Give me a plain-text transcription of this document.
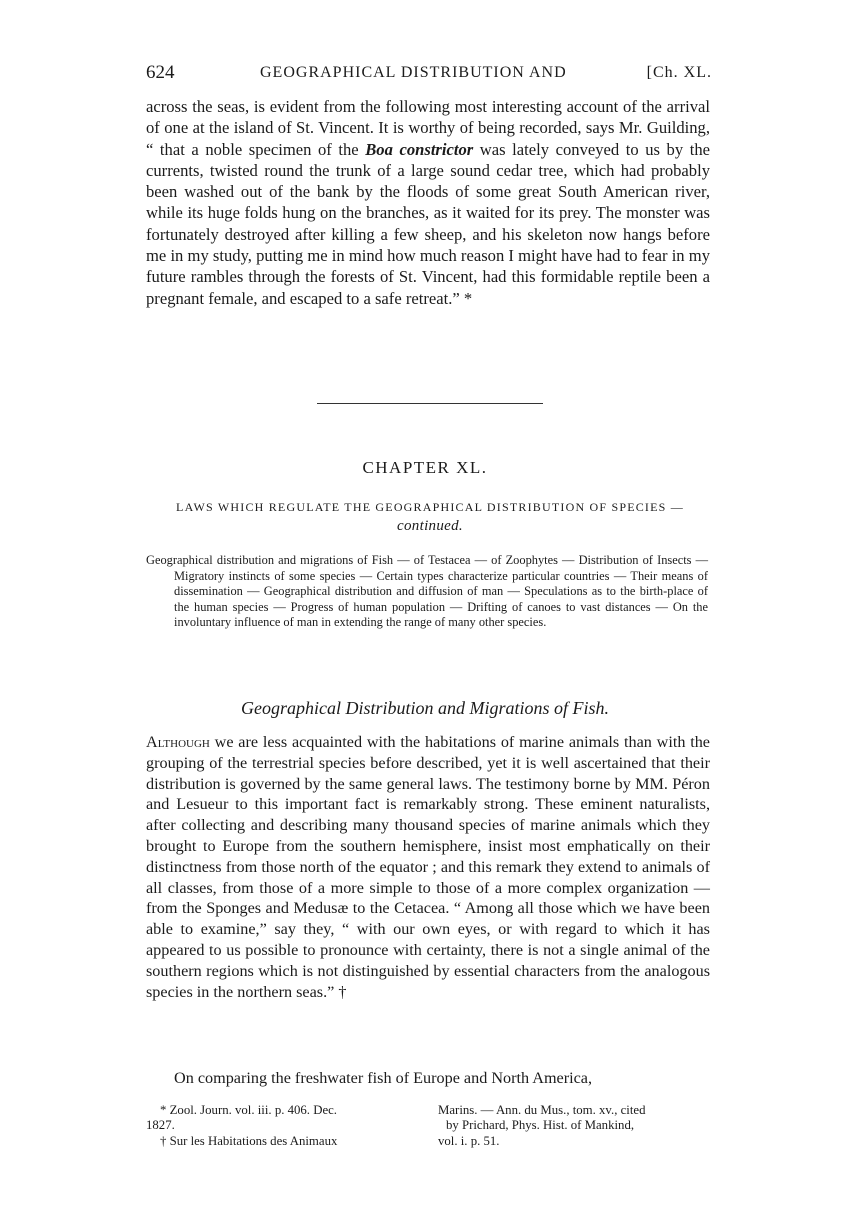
624	GEOGRAPHICAL DISTRIBUTION AND	[Ch. XL.

across the seas, is evident from the following most interesting account of the arrival of one at the island of St. Vincent. It is worthy of being recorded, says Mr. Guilding, “ that a noble specimen of the Boa constrictor was lately conveyed to us by the currents, twisted round the trunk of a large sound cedar tree, which had probably been washed out of the bank by the floods of some great South American river, while its huge folds hung on the branches, as it waited for its prey. The monster was fortunately destroyed after killing a few sheep, and his skeleton now hangs before me in my study, putting me in mind how much reason I might have had to fear in my future rambles through the forests of St. Vincent, had this formidable reptile been a pregnant female, and escaped to a safe retreat.” *

CHAPTER XL.
LAWS WHICH REGULATE THE GEOGRAPHICAL DISTRIBUTION OF SPECIES — continued.

Geographical distribution and migrations of Fish — of Testacea — of Zoophytes — Distribution of Insects — Migratory instincts of some species — Certain types characterize particular countries — Their means of dissemination — Geographical distribution and diffusion of man — Speculations as to the birth-place of the human species — Progress of human population — Drifting of canoes to vast distances — On the involuntary influence of man in extending the range of many other species.

Geographical Distribution and Migrations of Fish.

Although we are less acquainted with the habitations of marine animals than with the grouping of the terrestrial species before described, yet it is well ascertained that their distribution is governed by the same general laws. The testimony borne by MM. Péron and Lesueur to this important fact is remarkably strong. These eminent naturalists, after collecting and describing many thousand species of marine animals which they brought to Europe from the southern hemisphere, insist most emphatically on their distinctness from those north of the equator ; and this remark they extend to animals of all classes, from those of a more simple to those of a more complex organization — from the Sponges and Medusæ to the Cetacea. “ Among all those which we have been able to examine,” say they, “ with our own eyes, or with regard to which it has appeared to us possible to pronounce with certainty, there is not a single animal of the southern regions which is not distinguished by essential characters from the analogous species in the northern seas.” †

On comparing the freshwater fish of Europe and North America,

* Zool. Journ. vol. iii. p. 406. Dec.
1827.
† Sur les Habitations des Animaux
Marins. — Ann. du Mus., tom. xv., cited
by Prichard, Phys. Hist. of Mankind,
vol. i. p. 51.
